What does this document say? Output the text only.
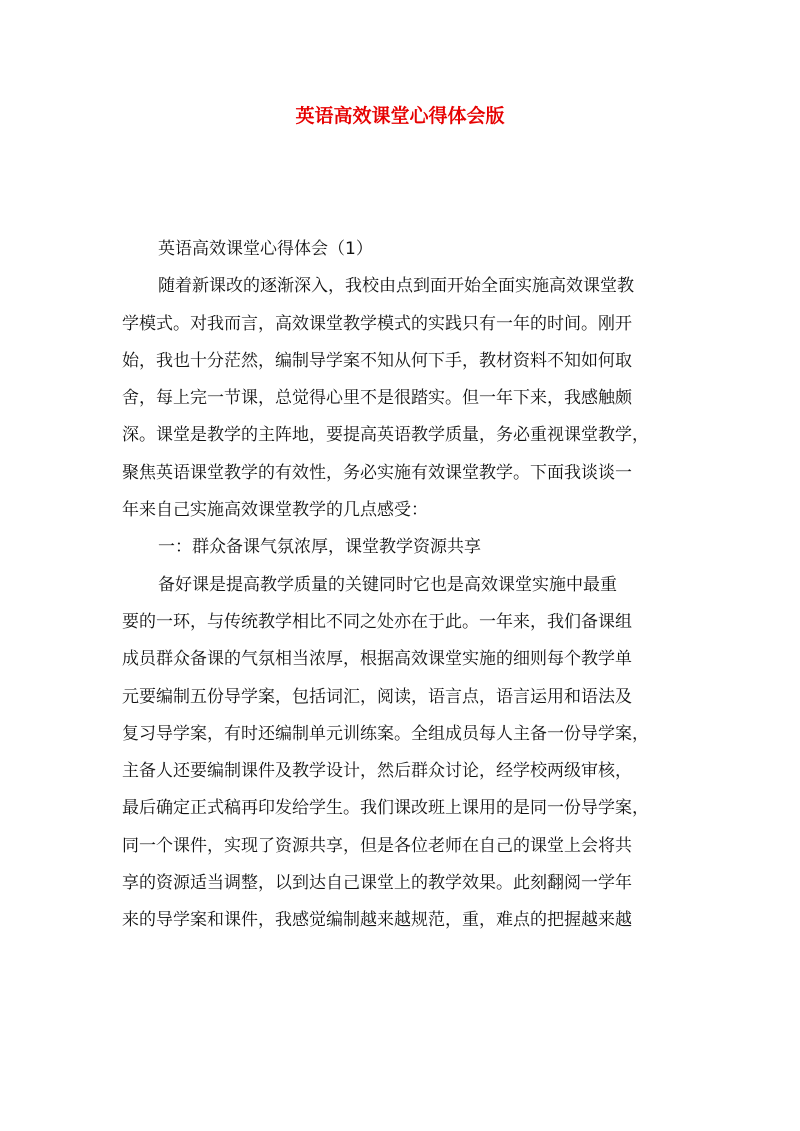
英语高效课堂心得体会版
英语高效课堂心得体会（1）
随着新课改的逐渐深入，我校由点到面开始全面实施高效课堂教
学模式。对我而言，高效课堂教学模式的实践只有一年的时间。刚开
始，我也十分茫然，编制导学案不知从何下手，教材资料不知如何取
舍，每上完一节课，总觉得心里不是很踏实。但一年下来，我感触颇
深。课堂是教学的主阵地，要提高英语教学质量，务必重视课堂教学，
聚焦英语课堂教学的有效性，务必实施有效课堂教学。下面我谈谈一
年来自己实施高效课堂教学的几点感受：
一：群众备课气氛浓厚，课堂教学资源共享
备好课是提高教学质量的关键同时它也是高效课堂实施中最重
要的一环，与传统教学相比不同之处亦在于此。一年来，我们备课组
成员群众备课的气氛相当浓厚，根据高效课堂实施的细则每个教学单
元要编制五份导学案，包括词汇，阅读，语言点，语言运用和语法及
复习导学案，有时还编制单元训练案。全组成员每人主备一份导学案，
主备人还要编制课件及教学设计，然后群众讨论，经学校两级审核，
最后确定正式稿再印发给学生。我们课改班上课用的是同一份导学案，
同一个课件，实现了资源共享，但是各位老师在自己的课堂上会将共
享的资源适当调整，以到达自己课堂上的教学效果。此刻翻阅一学年
来的导学案和课件，我感觉编制越来越规范，重，难点的把握越来越
